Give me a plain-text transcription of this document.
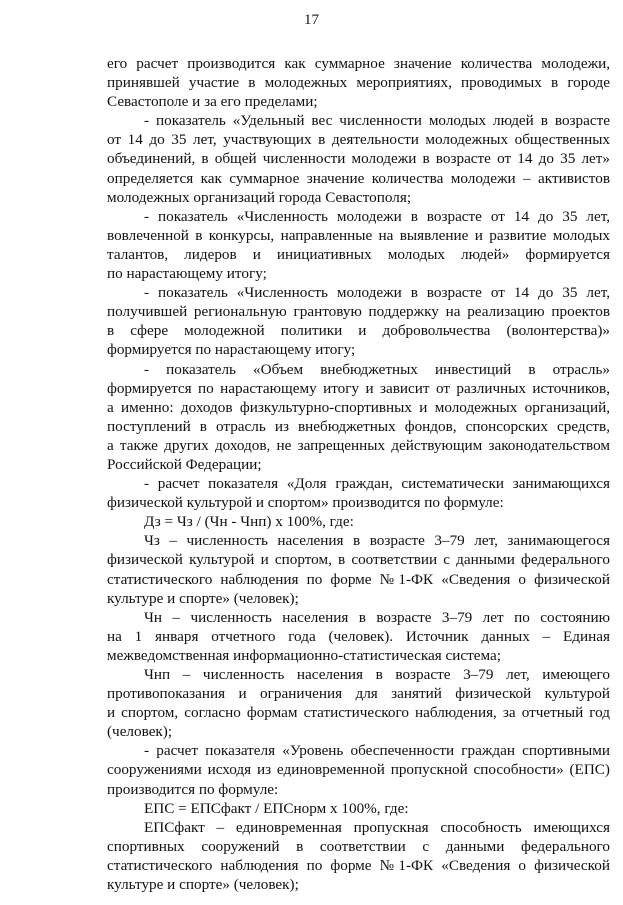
17
его расчет производится как суммарное значение количества молодежи,
принявшей участие в молодежных мероприятиях, проводимых в городе
Севастополе и за его пределами;
- показатель «Удельный вес численности молодых людей в возрасте
от 14 до 35 лет, участвующих в деятельности молодежных общественных
объединений, в общей численности молодежи в возрасте от 14 до 35 лет»
определяется как суммарное значение количества молодежи – активистов
молодежных организаций города Севастополя;
- показатель «Численность молодежи в возрасте от 14 до 35 лет,
вовлеченной в конкурсы, направленные на выявление и развитие молодых
талантов, лидеров и инициативных молодых людей» формируется
по нарастающему итогу;
- показатель «Численность молодежи в возрасте от 14 до 35 лет,
получившей региональную грантовую поддержку на реализацию проектов
в сфере молодежной политики и добровольчества (волонтерства)»
формируется по нарастающему итогу;
- показатель «Объем внебюджетных инвестиций в отрасль»
формируется по нарастающему итогу и зависит от различных источников,
а именно: доходов физкультурно-спортивных и молодежных организаций,
поступлений в отрасль из внебюджетных фондов, спонсорских средств,
а также других доходов, не запрещенных действующим законодательством
Российской Федерации;
- расчет показателя «Доля граждан, систематически занимающихся
физической культурой и спортом» производится по формуле:
Дз = Чз / (Чн - Чнп) х 100%, где:
Чз – численность населения в возрасте 3–79 лет, занимающегося
физической культурой и спортом, в соответствии с данными федерального
статистического наблюдения по форме №1-ФК «Сведения о физической
культуре и спорте» (человек);
Чн – численность населения в возрасте 3–79 лет по состоянию
на 1 января отчетного года (человек). Источник данных – Единая
межведомственная информационно-статистическая система;
Чнп – численность населения в возрасте 3–79 лет, имеющего
противопоказания и ограничения для занятий физической культурой
и спортом, согласно формам статистического наблюдения, за отчетный год
(человек);
- расчет показателя «Уровень обеспеченности граждан спортивными
сооружениями исходя из единовременной пропускной способности» (ЕПС)
производится по формуле:
ЕПС = ЕПСфакт / ЕПСнорм х 100%, где:
ЕПСфакт – единовременная пропускная способность имеющихся
спортивных сооружений в соответствии с данными федерального
статистического наблюдения по форме №1-ФК «Сведения о физической
культуре и спорте» (человек);
